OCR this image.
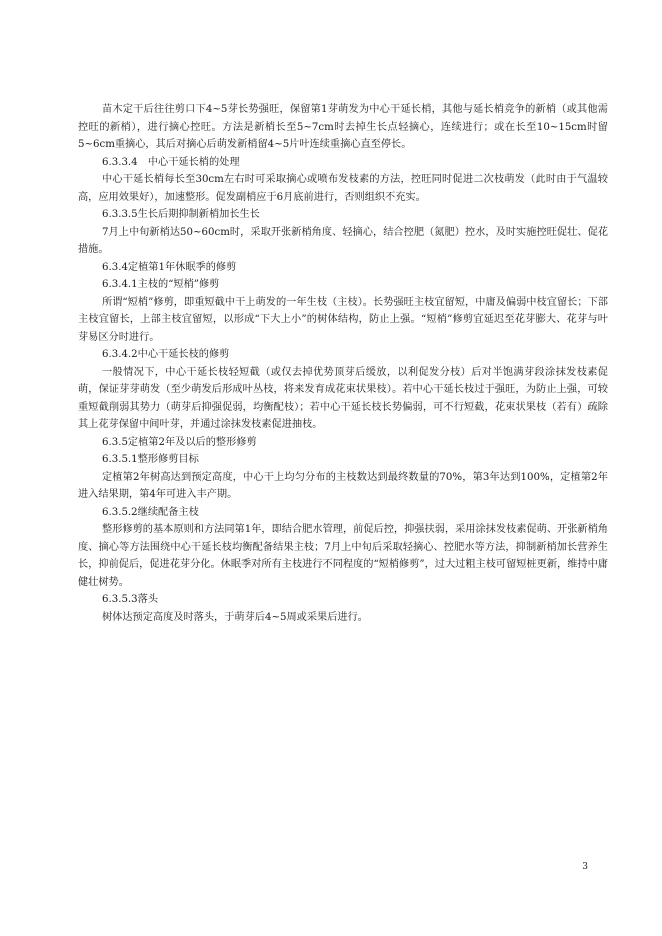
苗木定干后往往剪口下4~5芽长势强旺，保留第1芽萌发为中心干延长梢，其他与延长梢竞争的新梢（或其他需控旺的新梢），进行摘心控旺。方法是新梢长至5~7cm时去掉生长点轻摘心，连续进行；或在长至10~15cm时留5~6cm重摘心，其后对摘心后萌发新梢留4~5片叶连续重摘心直至停长。

6.3.3.4　中心干延长梢的处理

中心干延长梢每长至30cm左右时可采取摘心或喷布发枝素的方法，控旺同时促进二次枝萌发（此时由于气温较高，应用效果好），加速整形。促发副梢应于6月底前进行，否则组织不充实。

6.3.3.5生长后期抑制新梢加长生长

7月上中旬新梢达50~60cm时，采取开张新梢角度、轻摘心，结合控肥（氮肥）控水，及时实施控旺促壮、促花措施。

6.3.4定植第1年休眠季的修剪

6.3.4.1主枝的“短梢”修剪

所谓“短梢”修剪，即重短截中干上萌发的一年生枝（主枝）。长势强旺主枝宜留短，中庸及偏弱中枝宜留长；下部主枝宜留长，上部主枝宜留短，以形成“下大上小”的树体结构，防止上强。“短梢”修剪宜延迟至花芽膨大、花芽与叶芽易区分时进行。

6.3.4.2中心干延长枝的修剪

一般情况下，中心干延长枝轻短截（或仅去掉优势顶芽后缓放，以利促发分枝）后对半饱满芽段涂抹发枝素促萌，保证芽芽萌发（至少萌发后形成叶丛枝，将来发育成花束状果枝）。若中心干延长枝过于强旺，为防止上强，可较重短截削弱其势力（萌芽后抑强促弱，均衡配枝）；若中心干延长枝长势偏弱，可不行短截，花束状果枝（若有）疏除其上花芽保留中间叶芽，并通过涂抹发枝素促进抽枝。

6.3.5定植第2年及以后的整形修剪

6.3.5.1整形修剪目标

定植第2年树高达到预定高度，中心干上均匀分布的主枝数达到最终数量的70%，第3年达到100%，定植第2年进入结果期，第4年可进入丰产期。

6.3.5.2继续配备主枝

整形修剪的基本原则和方法同第1年，即结合肥水管理，前促后控，抑强扶弱，采用涂抹发枝素促萌、开张新梢角度、摘心等方法围绕中心干延长枝均衡配备结果主枝；7月上中旬后采取轻摘心、控肥水等方法，抑制新梢加长营养生长，抑前促后，促进花芽分化。休眠季对所有主枝进行不同程度的“短梢修剪”，过大过粗主枝可留短桩更新，维持中庸健壮树势。

6.3.5.3落头

树体达预定高度及时落头，于萌芽后4~5周或采果后进行。

3
